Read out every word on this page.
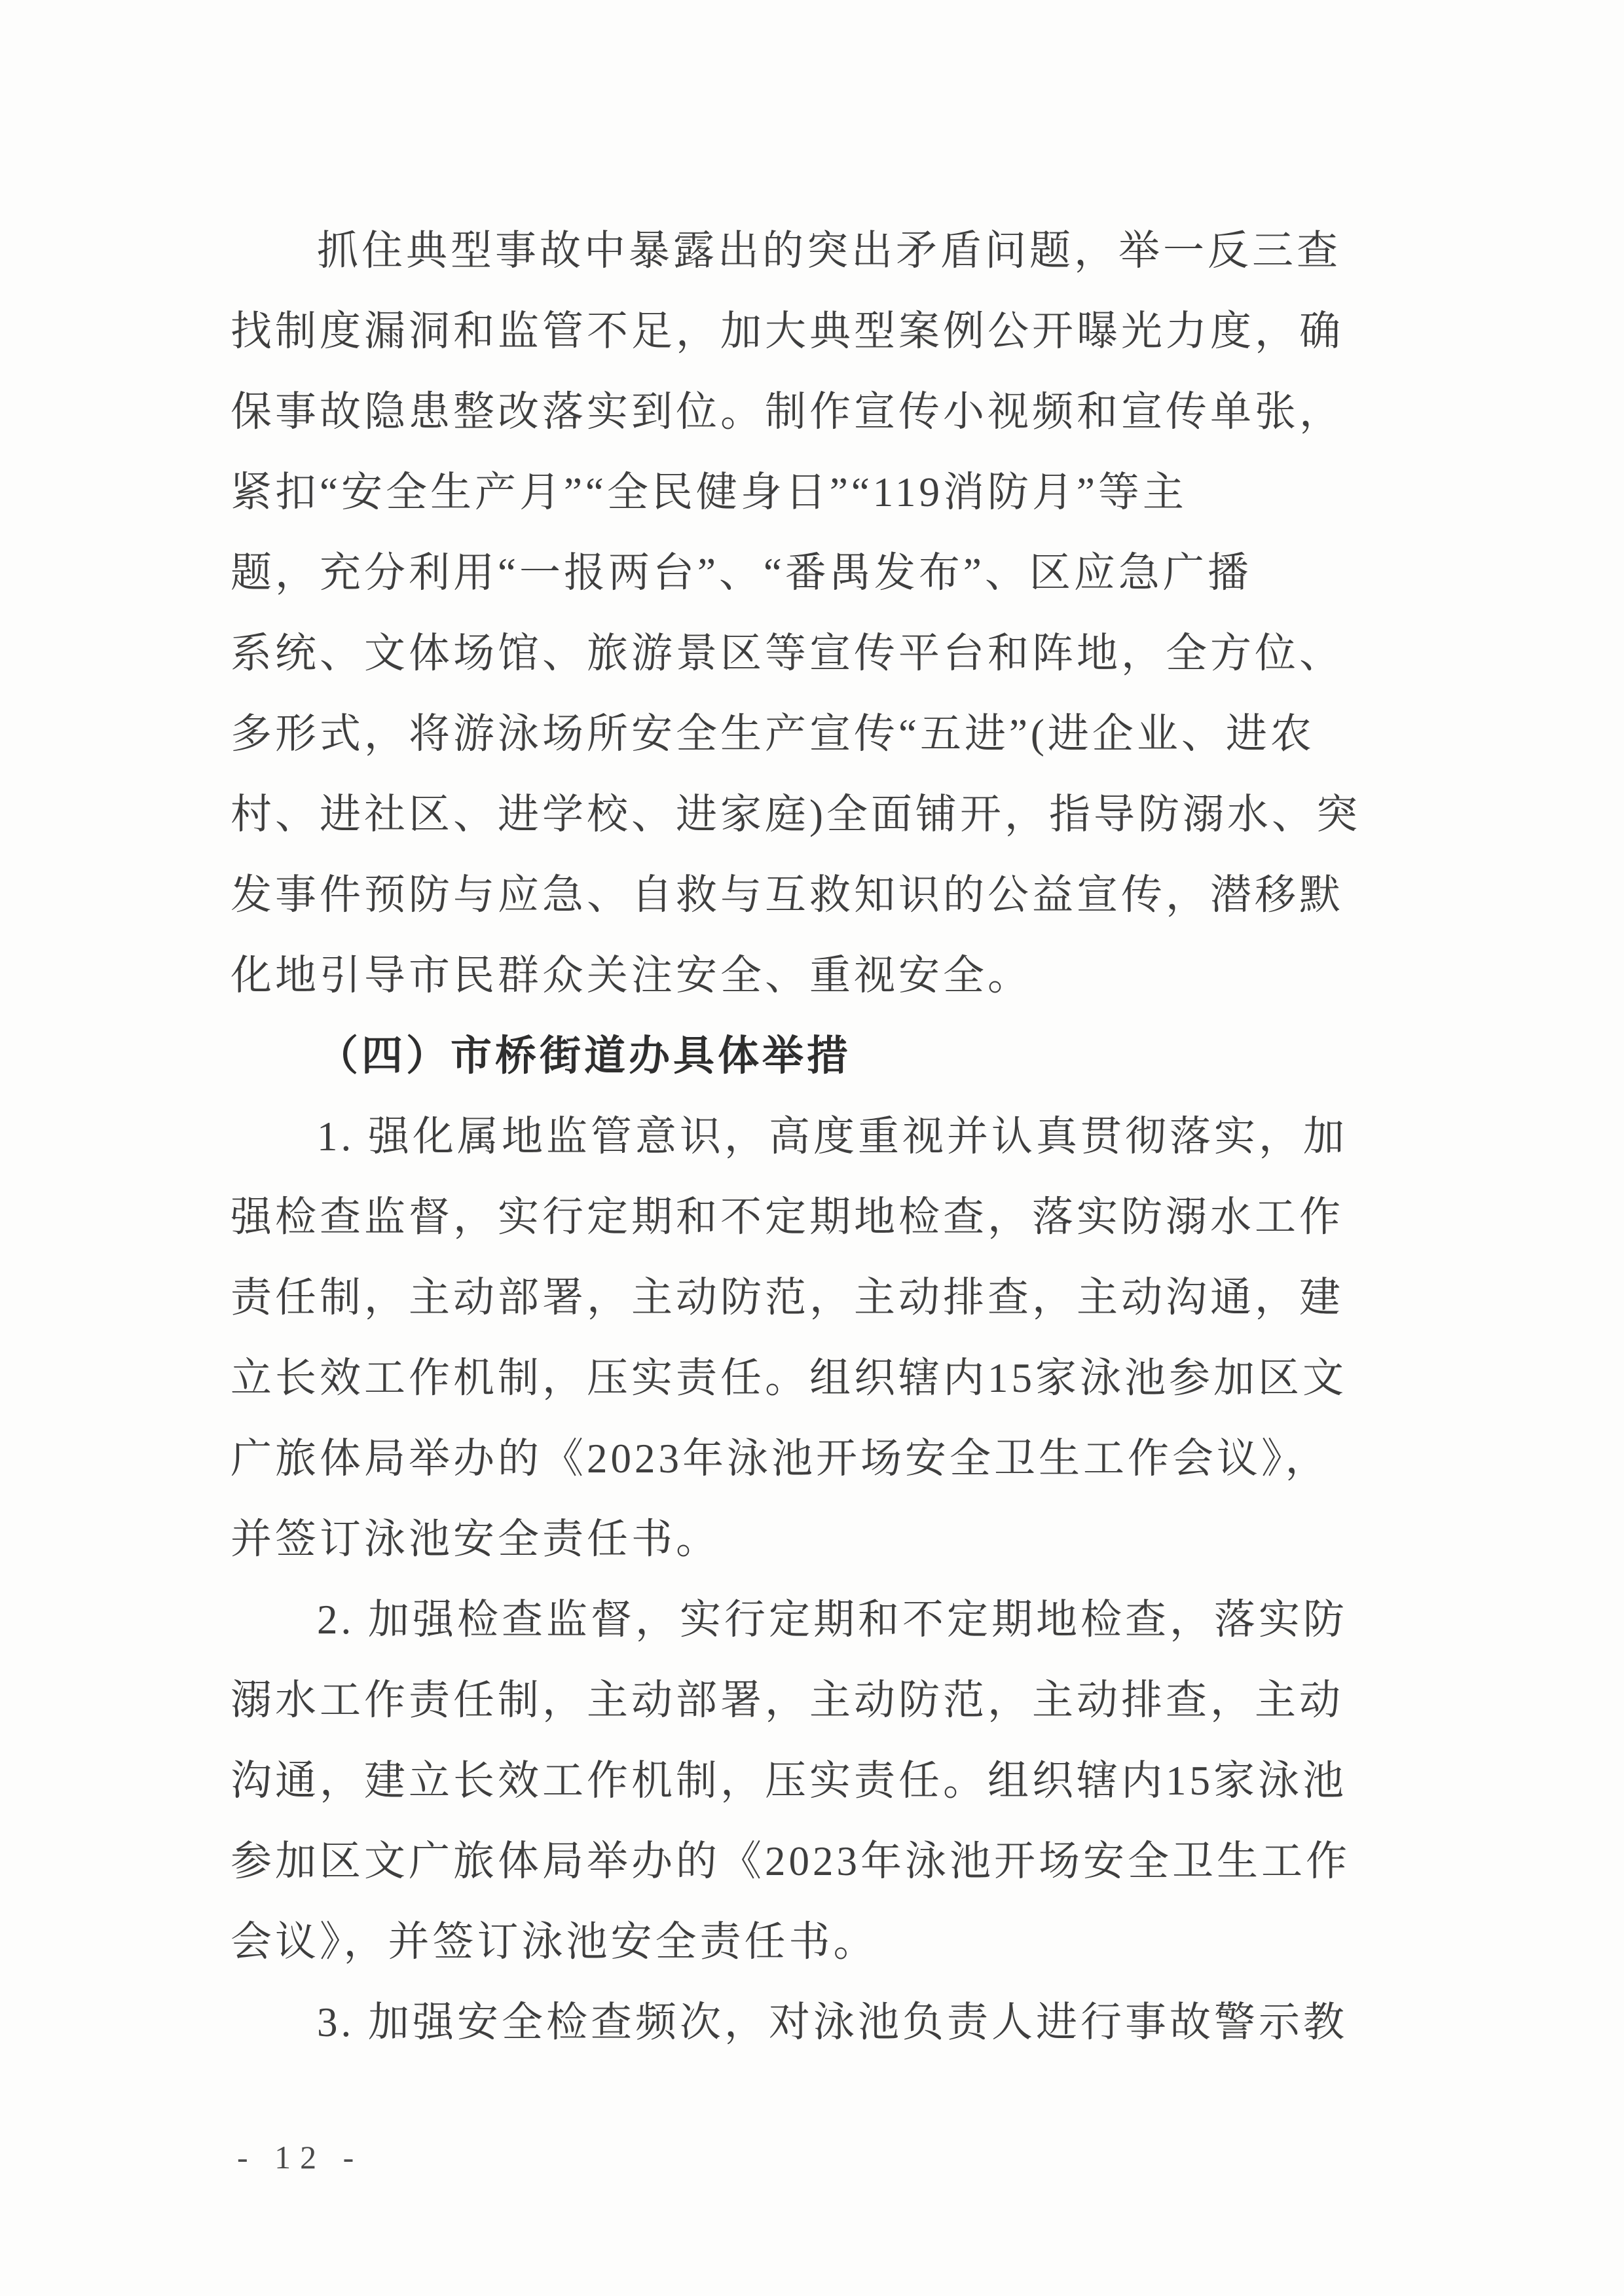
抓住典型事故中暴露出的突出矛盾问题，举一反三查
找制度漏洞和监管不足，加大典型案例公开曝光力度，确
保事故隐患整改落实到位。制作宣传小视频和宣传单张，
紧扣“安全生产月”“全民健身日”“119消防月”等主
题，充分利用“一报两台”、“番禺发布”、区应急广播
系统、文体场馆、旅游景区等宣传平台和阵地，全方位、
多形式，将游泳场所安全生产宣传“五进”(进企业、进农
村、进社区、进学校、进家庭)全面铺开，指导防溺水、突
发事件预防与应急、自救与互救知识的公益宣传，潜移默
化地引导市民群众关注安全、重视安全。
（四）市桥街道办具体举措
1. 强化属地监管意识，高度重视并认真贯彻落实，加
强检查监督，实行定期和不定期地检查，落实防溺水工作
责任制，主动部署，主动防范，主动排查，主动沟通，建
立长效工作机制，压实责任。组织辖内15家泳池参加区文
广旅体局举办的《2023年泳池开场安全卫生工作会议》，
并签订泳池安全责任书。
2. 加强检查监督，实行定期和不定期地检查，落实防
溺水工作责任制，主动部署，主动防范，主动排查，主动
沟通，建立长效工作机制，压实责任。组织辖内15家泳池
参加区文广旅体局举办的《2023年泳池开场安全卫生工作
会议》，并签订泳池安全责任书。
3. 加强安全检查频次，对泳池负责人进行事故警示教
- 12 -
